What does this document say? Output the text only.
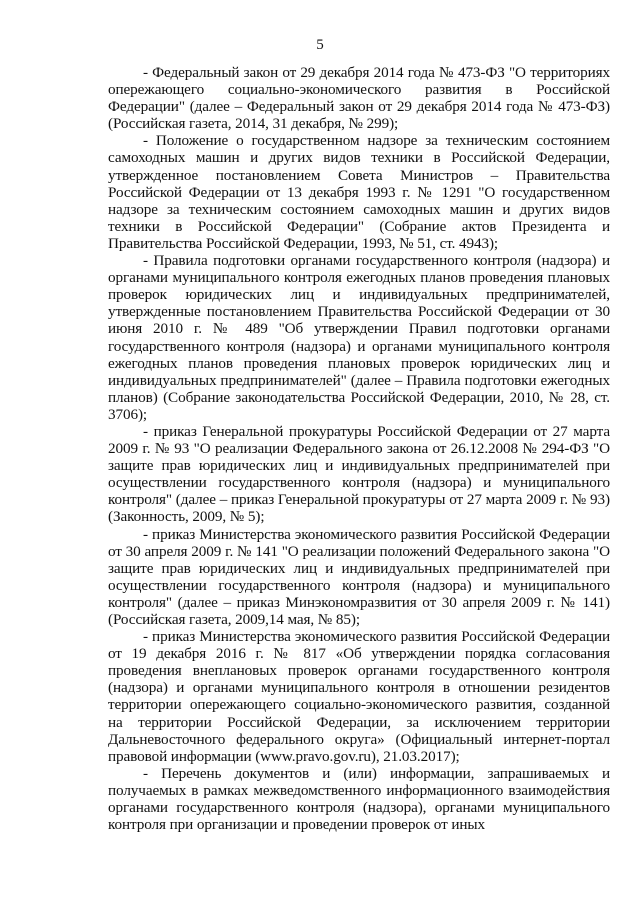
5

- Федеральный закон от 29 декабря 2014 года № 473-ФЗ "О территориях опережающего социально-экономического развития в Российской Федерации" (далее – Федеральный закон от 29 декабря 2014 года № 473-ФЗ) (Российская газета, 2014, 31 декабря, № 299);

- Положение о государственном надзоре за техническим состоянием самоходных машин и других видов техники в Российской Федерации, утвержденное постановлением Совета Министров – Правительства Российской Федерации от 13 декабря 1993 г. № 1291 "О государственном надзоре за техническим состоянием самоходных машин и других видов техники в Российской Федерации" (Собрание актов Президента и Правительства Российской Федерации, 1993, № 51, ст. 4943);

- Правила подготовки органами государственного контроля (надзора) и органами муниципального контроля ежегодных планов проведения плановых проверок юридических лиц и индивидуальных предпринимателей, утвержденные постановлением Правительства Российской Федерации от 30 июня 2010 г. № 489 "Об утверждении Правил подготовки органами государственного контроля (надзора) и органами муниципального контроля ежегодных планов проведения плановых проверок юридических лиц и индивидуальных предпринимателей" (далее – Правила подготовки ежегодных планов) (Собрание законодательства Российской Федерации, 2010, № 28, ст. 3706);

- приказ Генеральной прокуратуры Российской Федерации от 27 марта 2009 г. № 93 "О реализации Федерального закона от 26.12.2008 № 294-ФЗ "О защите прав юридических лиц и индивидуальных предпринимателей при осуществлении государственного контроля (надзора) и муниципального контроля" (далее – приказ Генеральной прокуратуры от 27 марта 2009 г. № 93) (Законность, 2009, № 5);

- приказ Министерства экономического развития Российской Федерации от 30 апреля 2009 г. № 141 "О реализации положений Федерального закона "О защите прав юридических лиц и индивидуальных предпринимателей при осуществлении государственного контроля (надзора) и муниципального контроля" (далее – приказ Минэкономразвития от 30 апреля 2009 г. № 141) (Российская газета, 2009,14 мая, № 85);

- приказ Министерства экономического развития Российской Федерации от 19 декабря 2016 г. № 817 «Об утверждении порядка согласования проведения внеплановых проверок органами государственного контроля (надзора) и органами муниципального контроля в отношении резидентов территории опережающего социально-экономического развития, созданной на территории Российской Федерации, за исключением территории Дальневосточного федерального округа» (Официальный интернет-портал правовой информации (www.pravo.gov.ru), 21.03.2017);

- Перечень документов и (или) информации, запрашиваемых и получаемых в рамках межведомственного информационного взаимодействия органами государственного контроля (надзора), органами муниципального контроля при организации и проведении проверок от иных
